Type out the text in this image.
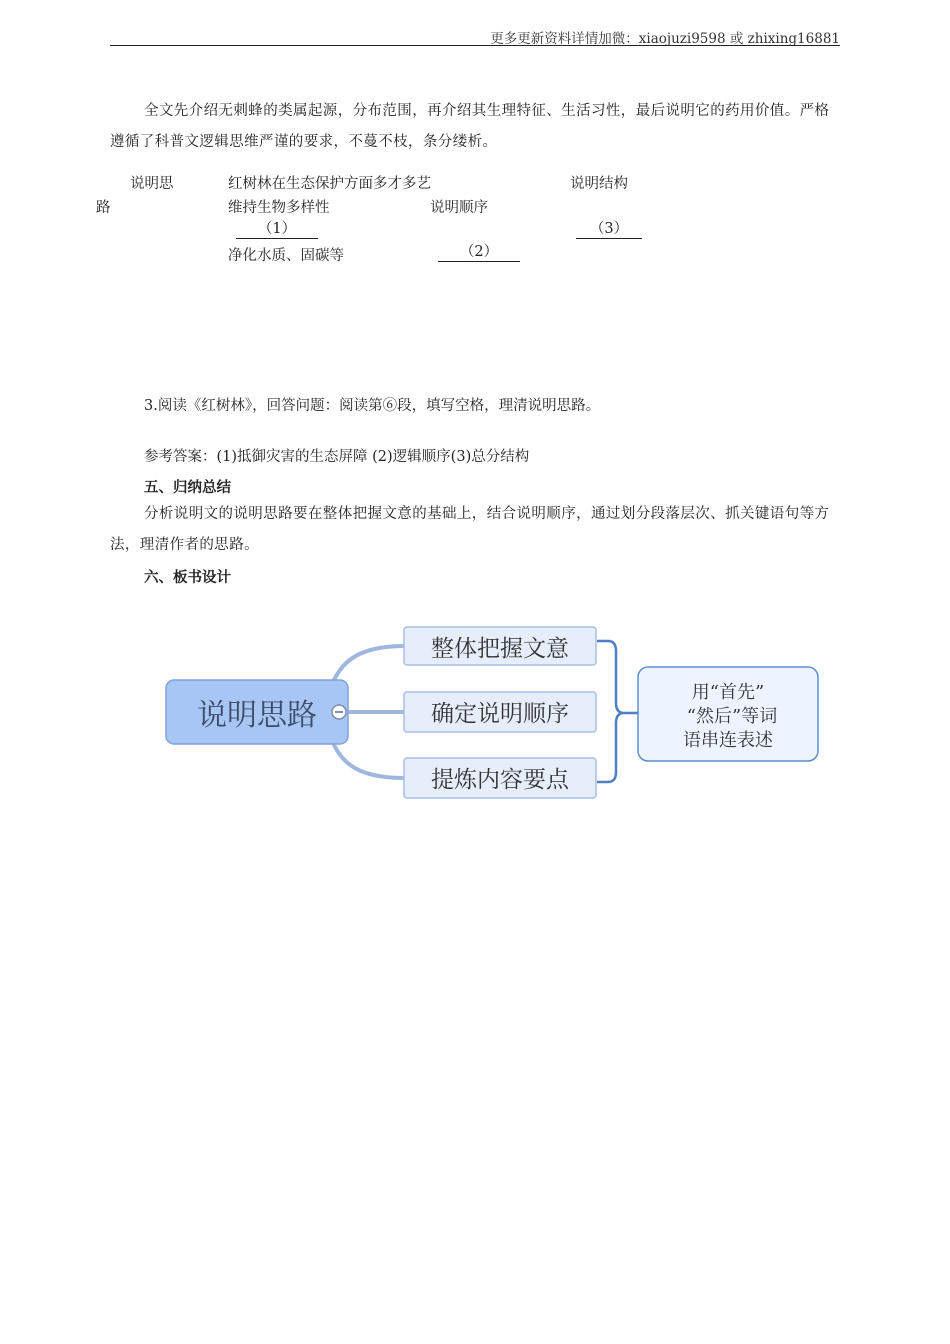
更多更新资料详情加微：xiaojuzi9598 或 zhixing16881
全文先介绍无刺蜂的类属起源，分布范围，再介绍其生理特征、生活习性，最后说明它的药用价值。严格遵循了科普文逻辑思维严谨的要求，不蔓不枝，条分缕析。
说明思
路
红树林在生态保护方面多才多艺
维持生物多样性
（1）
净化水质、固碳等
说明顺序
（2）
说明结构
（3）
3.阅读《红树林》，回答问题：阅读第⑥段，填写空格，理清说明思路。
参考答案：(1)抵御灾害的生态屏障 (2)逻辑顺序(3)总分结构
五、归纳总结
分析说明文的说明思路要在整体把握文意的基础上，结合说明顺序，通过划分段落层次、抓关键语句等方法，理清作者的思路。
六、板书设计
说明思路
整体把握文意
确定说明顺序
提炼内容要点
用“首先”
“然后”等词
语串连表述
